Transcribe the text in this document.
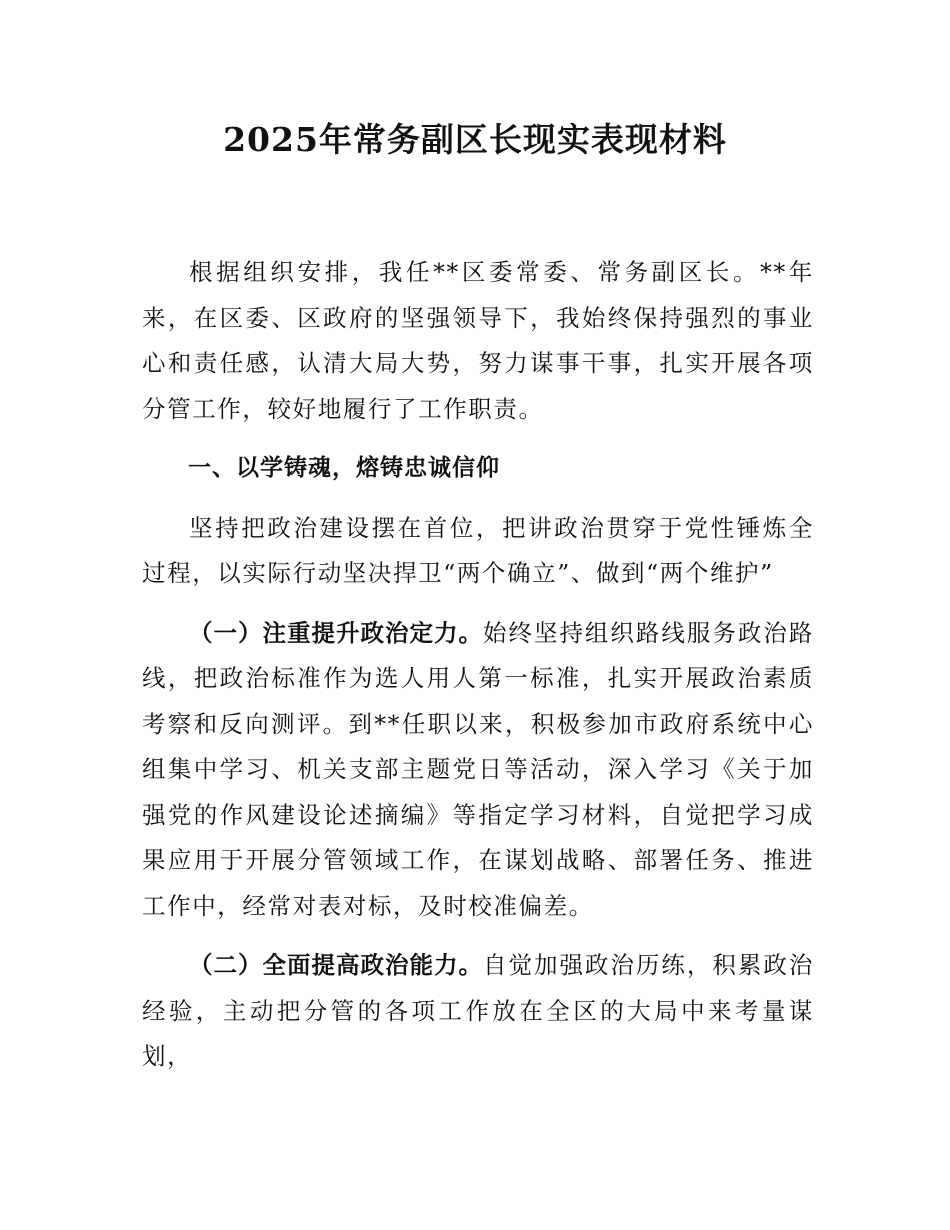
2025年常务副区长现实表现材料

根据组织安排，我任**区委常委、常务副区长。**年来，在区委、区政府的坚强领导下，我始终保持强烈的事业心和责任感，认清大局大势，努力谋事干事，扎实开展各项分管工作，较好地履行了工作职责。

一、以学铸魂，熔铸忠诚信仰

坚持把政治建设摆在首位，把讲政治贯穿于党性锤炼全过程，以实际行动坚决捍卫“两个确立”、做到“两个维护”

（一）注重提升政治定力。始终坚持组织路线服务政治路线，把政治标准作为选人用人第一标准，扎实开展政治素质考察和反向测评。到**任职以来，积极参加市政府系统中心组集中学习、机关支部主题党日等活动，深入学习《关于加强党的作风建设论述摘编》等指定学习材料，自觉把学习成果应用于开展分管领域工作，在谋划战略、部署任务、推进工作中，经常对表对标，及时校准偏差。

（二）全面提高政治能力。自觉加强政治历练，积累政治经验，主动把分管的各项工作放在全区的大局中来考量谋划，
